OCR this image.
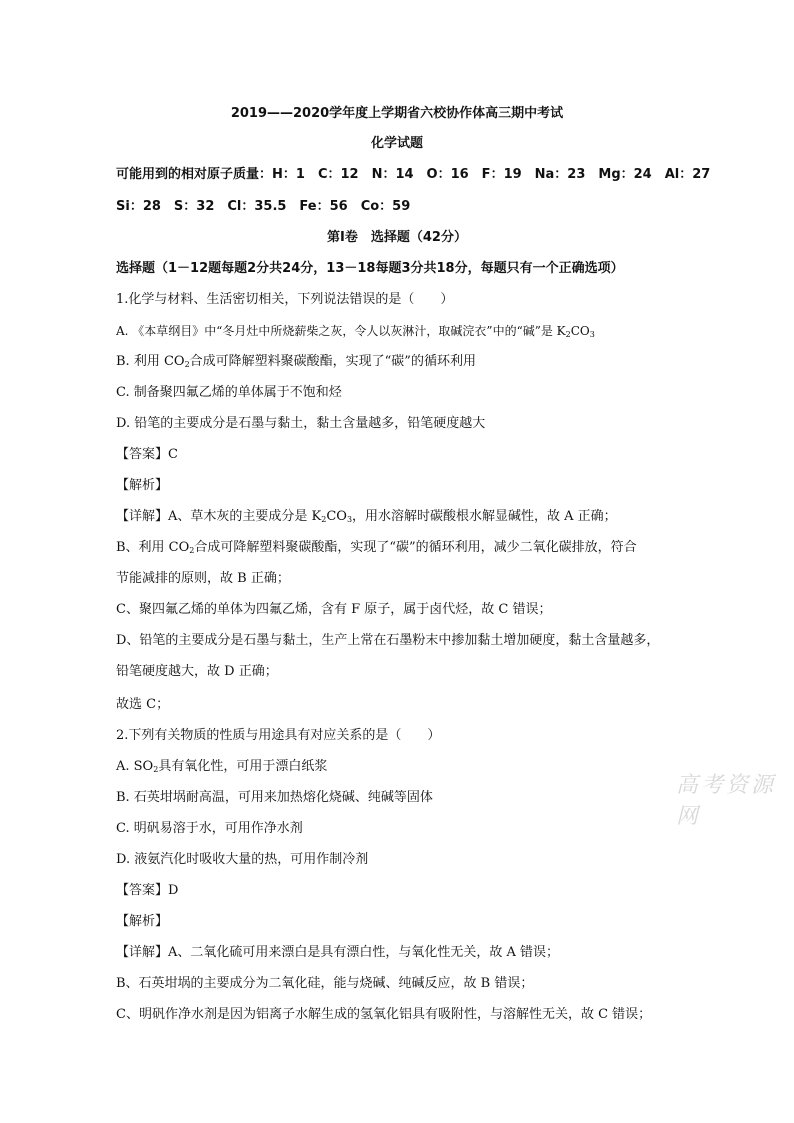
2019——2020学年度上学期省六校协作体高三期中考试
化学试题
可能用到的相对原子质量：H：1　C：12　N：14　O：16　F：19　Na：23　Mg：24　Al：27
Si：28　S：32　Cl：35.5　Fe：56　Co：59
第Ⅰ卷　选择题（42分）
选择题（1－12题每题2分共24分，13－18每题3分共18分，每题只有一个正确选项）
1.化学与材料、生活密切相关，下列说法错误的是（　　）
A. 《本草纲目》中“冬月灶中所烧薪柴之灰，令人以灰淋汁，取碱浣衣”中的“碱”是 $K_2CO_3$
B. 利用 $CO_2$合成可降解塑料聚碳酸酯，实现了“碳”的循环利用
C. 制备聚四氟乙烯的单体属于不饱和烃
D. 铅笔的主要成分是石墨与黏土，黏土含量越多，铅笔硬度越大
【答案】C
【解析】
【详解】A、草木灰的主要成分是 $K_2CO_3$，用水溶解时碳酸根水解显碱性，故 A 正确；
B、利用 $CO_2$合成可降解塑料聚碳酸酯，实现了“碳”的循环利用，减少二氧化碳排放，符合
节能减排的原则，故 B 正确；
C、聚四氟乙烯的单体为四氟乙烯，含有 F 原子，属于卤代烃，故 C 错误；
D、铅笔的主要成分是石墨与黏土，生产上常在石墨粉末中掺加黏土增加硬度，黏土含量越多，
铅笔硬度越大，故 D 正确；
故选 C；
2.下列有关物质的性质与用途具有对应关系的是（　　）
A. $SO_2$具有氧化性，可用于漂白纸浆
B. 石英坩埚耐高温，可用来加热熔化烧碱、纯碱等固体
C. 明矾易溶于水，可用作净水剂
D. 液氨汽化时吸收大量的热，可用作制冷剂
【答案】D
【解析】
【详解】A、二氧化硫可用来漂白是具有漂白性，与氧化性无关，故 A 错误；
B、石英坩埚的主要成分为二氧化硅，能与烧碱、纯碱反应，故 B 错误；
C、明矾作净水剂是因为铝离子水解生成的氢氧化铝具有吸附性，与溶解性无关，故 C 错误；
高考资源网
